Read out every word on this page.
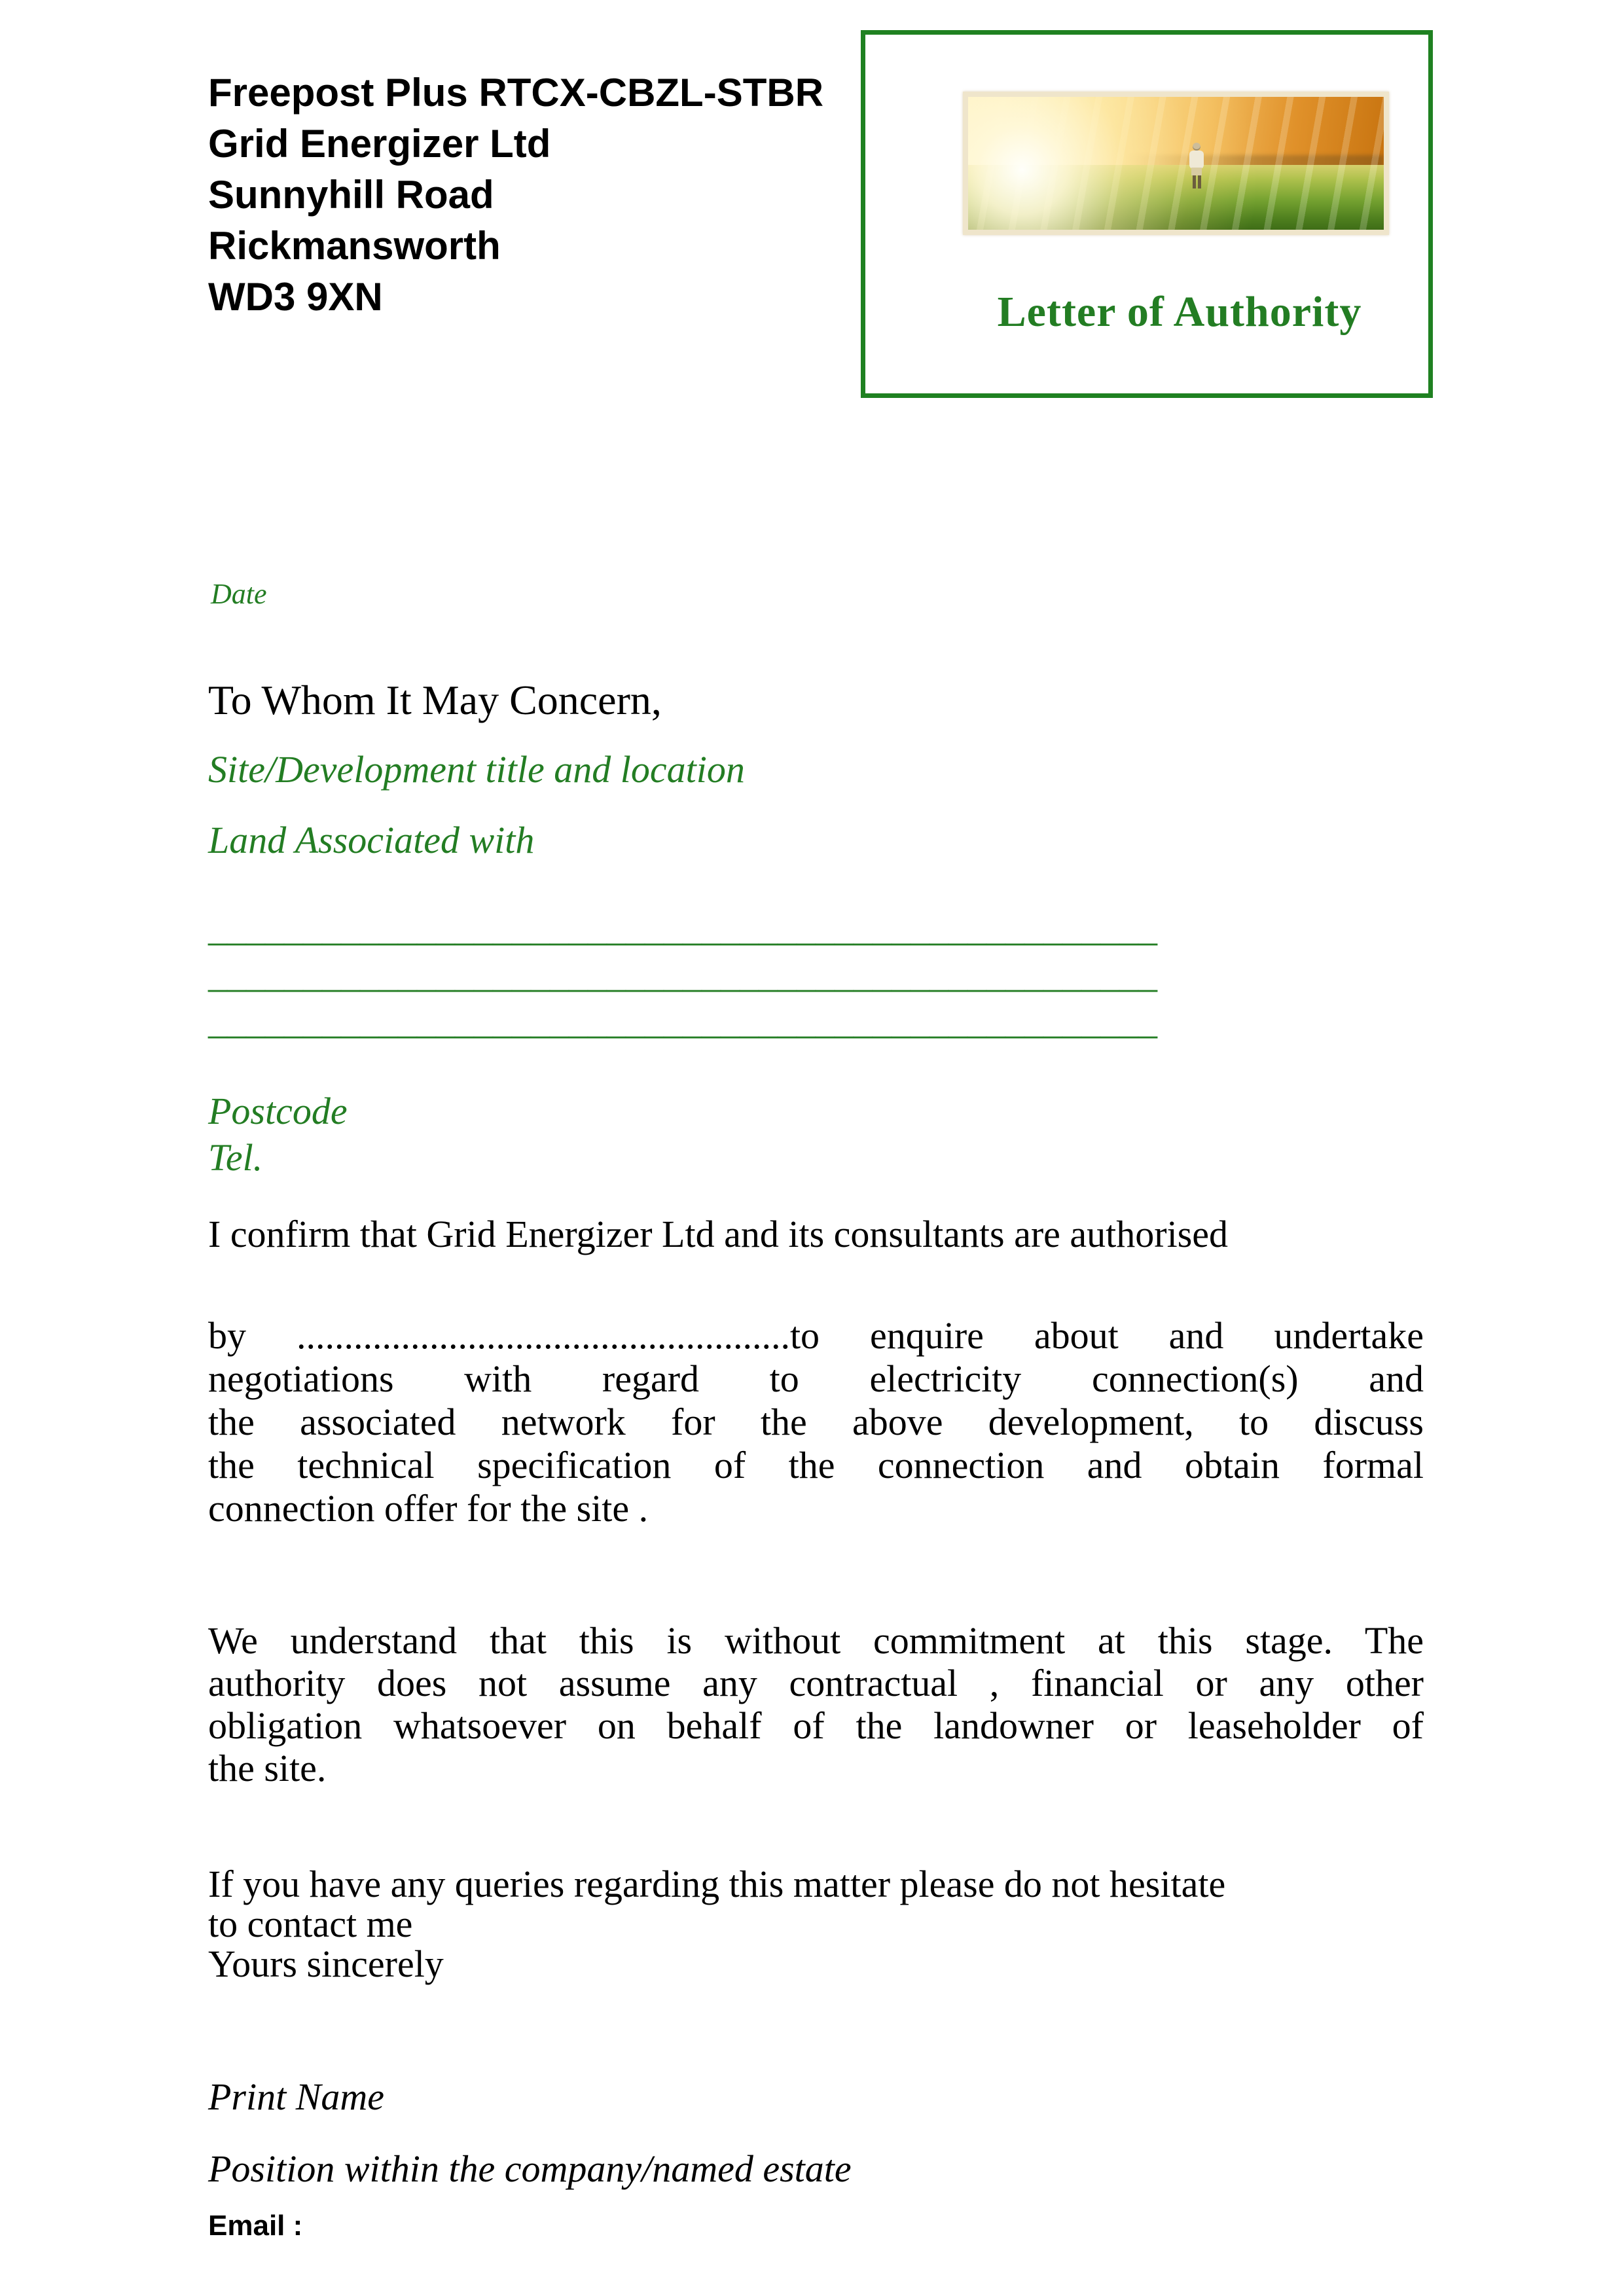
Freepost Plus RTCX-CBZL-STBR
Grid Energizer Ltd
Sunnyhill Road
Rickmansworth
WD3 9XN	Letter of Authority
Date
To Whom It May Concern,
Site/Development title and location
Land Associated with
__________________________________________________
__________________________________________________
__________________________________________________
Postcode
Tel.
I confirm that Grid Energizer Ltd and its consultants are authorised
by ....................................................to enquire about and undertake
negotiations with regard to electricity connection(s) and
the associated network for the above development, to discuss
the technical specification of the connection and obtain formal
connection offer for the site .
We understand that this is without commitment at this stage. The
authority does not assume any contractual , financial or any other
obligation whatsoever on behalf of the landowner or leaseholder of
the site.
If you have any queries regarding this matter please do not hesitate
to contact me
Yours sincerely
Print Name
Position within the company/named estate
Email :
